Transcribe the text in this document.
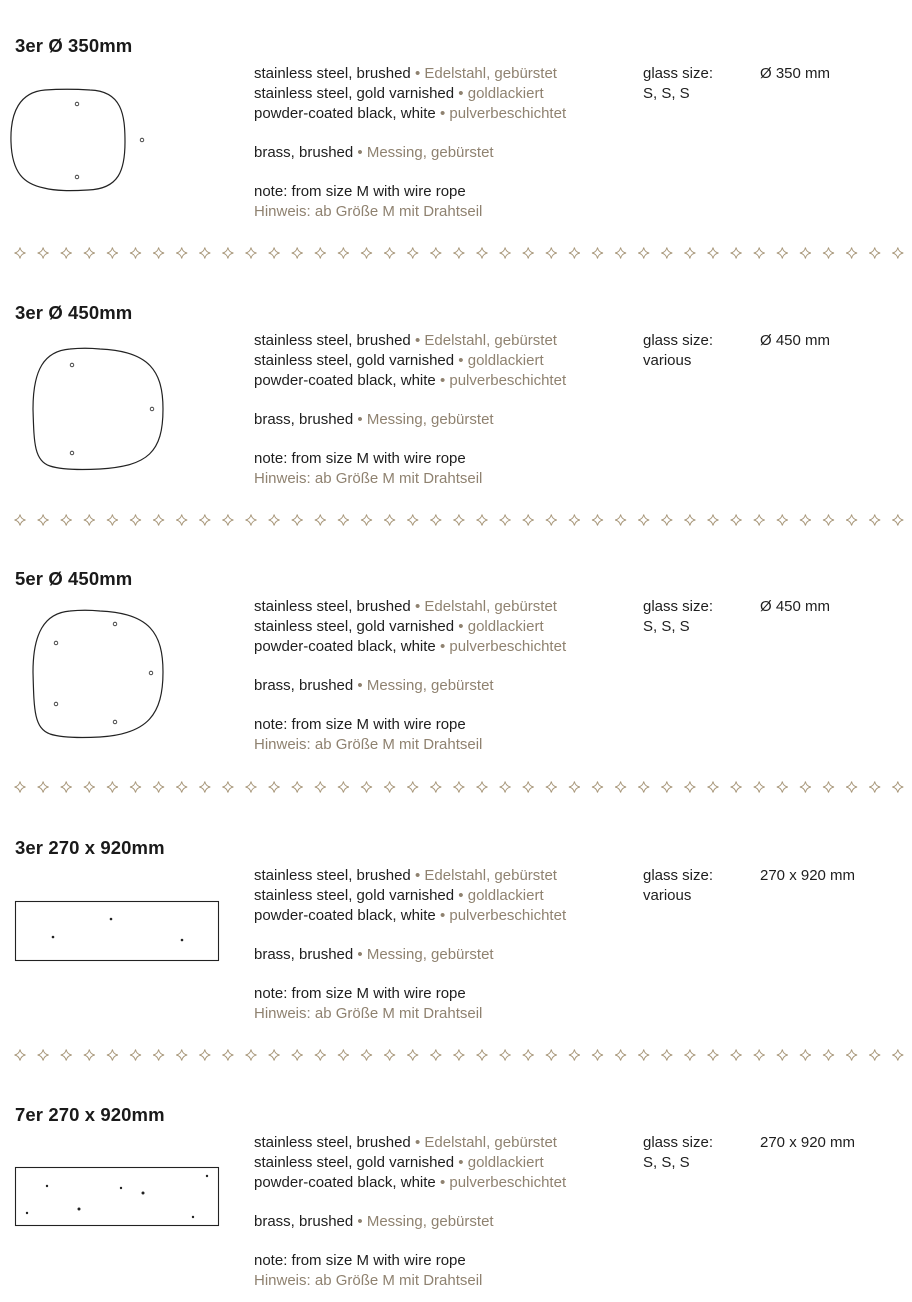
3er Ø 350mm
stainless steel, brushed • Edelstahl, gebürstet
stainless steel, gold varnished • goldlackiert
powder-coated black, white • pulverbeschichtet
brass, brushed • Messing, gebürstet
note: from size M with wire rope
Hinweis: ab Größe M mit Drahtseil
glass size:
S, S, S
Ø 350 mm
3er Ø 450mm
stainless steel, brushed • Edelstahl, gebürstet
stainless steel, gold varnished • goldlackiert
powder-coated black, white • pulverbeschichtet
brass, brushed • Messing, gebürstet
note: from size M with wire rope
Hinweis: ab Größe M mit Drahtseil
glass size:
various
Ø 450 mm
5er Ø 450mm
stainless steel, brushed • Edelstahl, gebürstet
stainless steel, gold varnished • goldlackiert
powder-coated black, white • pulverbeschichtet
brass, brushed • Messing, gebürstet
note: from size M with wire rope
Hinweis: ab Größe M mit Drahtseil
glass size:
S, S, S
Ø 450 mm
3er 270 x 920mm
stainless steel, brushed • Edelstahl, gebürstet
stainless steel, gold varnished • goldlackiert
powder-coated black, white • pulverbeschichtet
brass, brushed • Messing, gebürstet
note: from size M with wire rope
Hinweis: ab Größe M mit Drahtseil
glass size:
various
270 x 920 mm
7er 270 x 920mm
stainless steel, brushed • Edelstahl, gebürstet
stainless steel, gold varnished • goldlackiert
powder-coated black, white • pulverbeschichtet
brass, brushed • Messing, gebürstet
note: from size M with wire rope
Hinweis: ab Größe M mit Drahtseil
glass size:
S, S, S
270 x 920 mm
